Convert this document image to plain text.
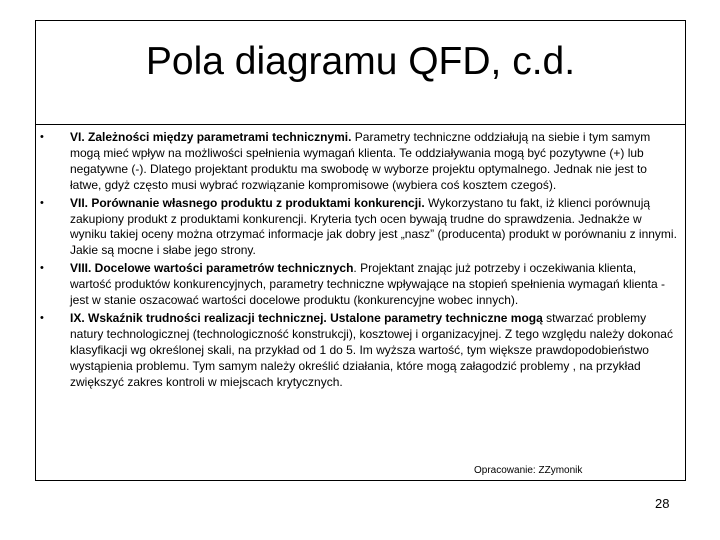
Pola diagramu QFD, c.d.
• VI. Zależności między parametrami technicznymi. Parametry techniczne oddziałują na siebie i tym samym mogą mieć wpływ na możliwości spełnienia wymagań klienta. Te oddziaływania mogą być pozytywne (+) lub negatywne (-). Dlatego projektant produktu ma swobodę w wyborze projektu optymalnego. Jednak nie jest to łatwe, gdyż często musi wybrać rozwiązanie kompromisowe (wybiera coś kosztem czegoś).
• VII. Porównanie własnego produktu z produktami konkurencji. Wykorzystano tu fakt, iż klienci porównują zakupiony produkt z produktami konkurencji. Kryteria tych ocen bywają trudne do sprawdzenia. Jednakże w wyniku takiej oceny można otrzymać informacje jak dobry jest „nasz” (producenta) produkt w porównaniu z innymi. Jakie są mocne i słabe jego strony.
• VIII. Docelowe wartości parametrów technicznych. Projektant znając już potrzeby i oczekiwania klienta, wartość produktów konkurencyjnych, parametry techniczne wpływające na stopień spełnienia wymagań klienta - jest w stanie oszacować wartości docelowe produktu (konkurencyjne wobec innych).
• IX. Wskaźnik trudności realizacji technicznej. Ustalone parametry techniczne mogą stwarzać problemy natury technologicznej (technologiczność konstrukcji), kosztowej i organizacyjnej. Z tego względu należy dokonać klasyfikacji wg określonej skali, na przykład od 1 do 5. Im wyższa wartość, tym większe prawdopodobieństwo wystąpienia problemu. Tym samym należy określić działania, które mogą załagodzić problemy , na przykład zwiększyć zakres kontroli w miejscach krytycznych.
Opracowanie: ZZymonik
28
